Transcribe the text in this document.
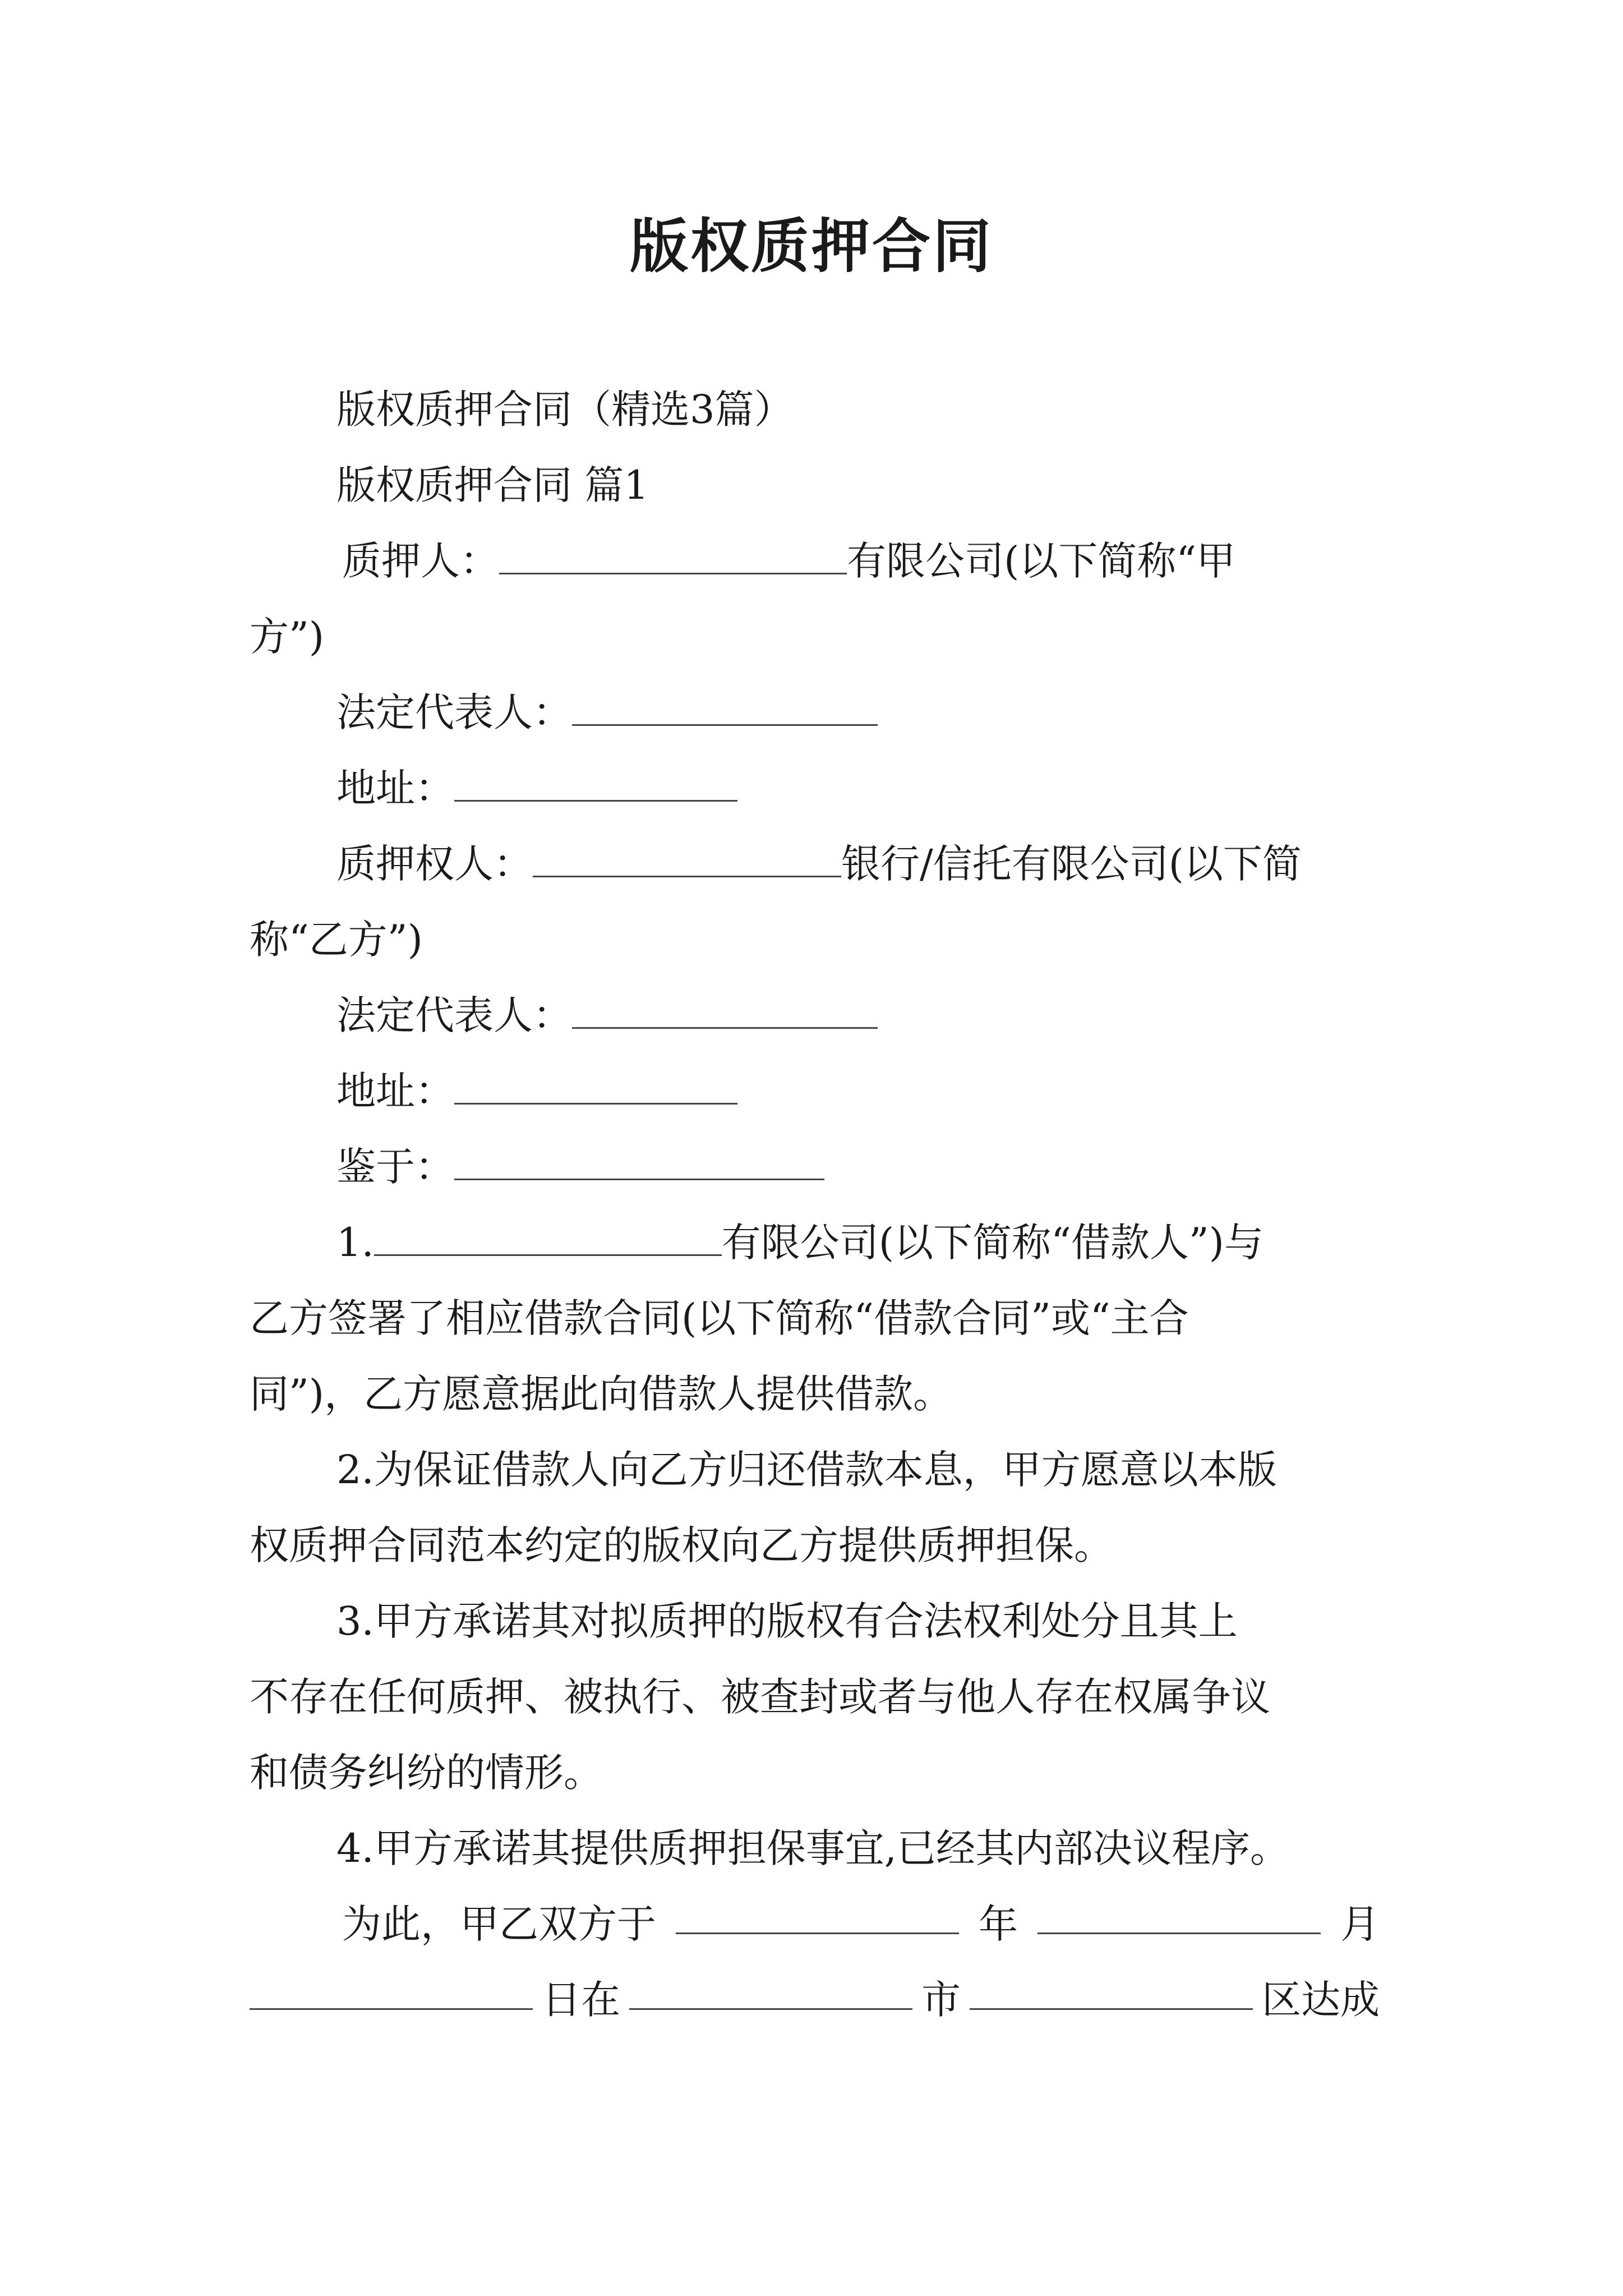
版权质押合同
版权质押合同（精选3篇）
版权质押合同 篇1
质押人：	有限公司(以下简称“甲
方”)
法定代表人：
地址：
质押权人：	银行/信托有限公司(以下简
称“乙方”)
法定代表人：
地址：
鉴于：
1.	有限公司(以下简称“借款人”)与
乙方签署了相应借款合同(以下简称“借款合同”或“主合
同”)，乙方愿意据此向借款人提供借款。
2.为保证借款人向乙方归还借款本息，甲方愿意以本版
权质押合同范本约定的版权向乙方提供质押担保。
3.甲方承诺其对拟质押的版权有合法权利处分且其上
不存在任何质押、被执行、被查封或者与他人存在权属争议
和债务纠纷的情形。
4.甲方承诺其提供质押担保事宜,已经其内部决议程序。
为此，甲乙双方于	年	月
日在	市	区达成
